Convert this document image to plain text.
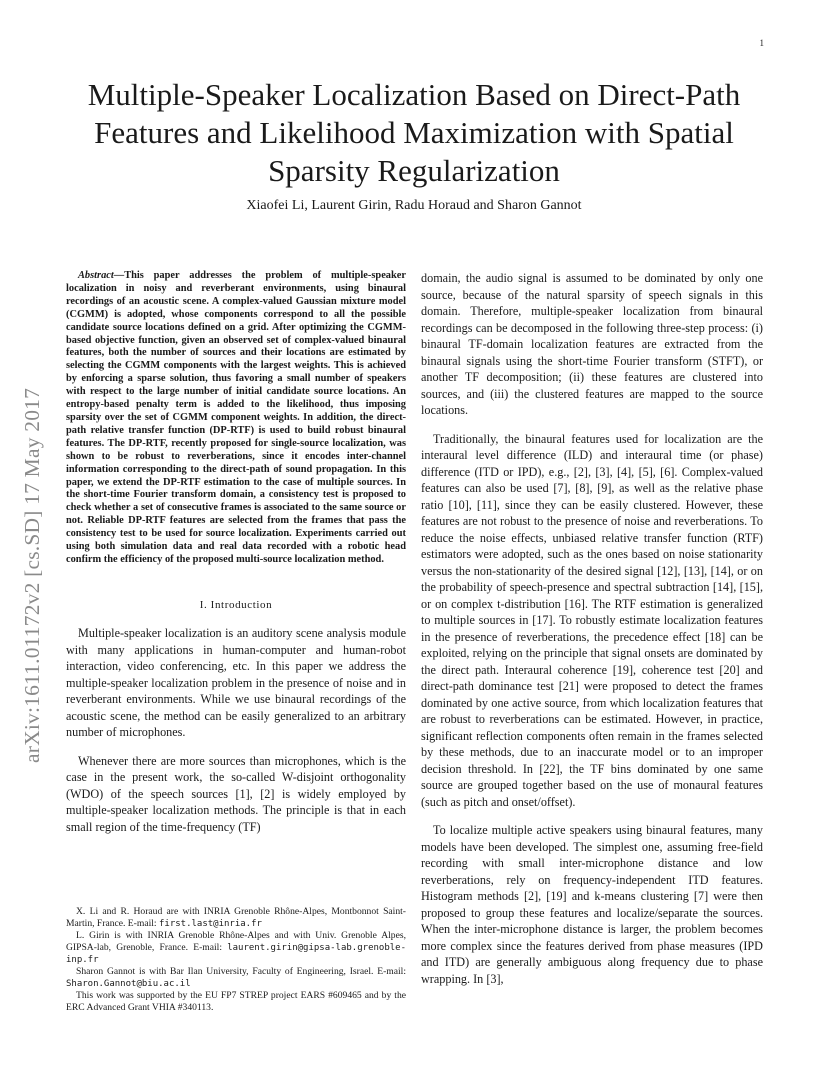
1
arXiv:1611.01172v2 [cs.SD] 17 May 2017
Multiple-Speaker Localization Based on Direct-Path Features and Likelihood Maximization with Spatial Sparsity Regularization
Xiaofei Li, Laurent Girin, Radu Horaud and Sharon Gannot

Abstract—This paper addresses the problem of multiple-speaker localization in noisy and reverberant environments, using binaural recordings of an acoustic scene. A complex-valued Gaussian mixture model (CGMM) is adopted, whose components correspond to all the possible candidate source locations defined on a grid. After optimizing the CGMM-based objective function, given an observed set of complex-valued binaural features, both the number of sources and their locations are estimated by selecting the CGMM components with the largest weights. This is achieved by enforcing a sparse solution, thus favoring a small number of speakers with respect to the large number of initial candidate source locations. An entropy-based penalty term is added to the likelihood, thus imposing sparsity over the set of CGMM component weights. In addition, the direct-path relative transfer function (DP-RTF) is used to build robust binaural features. The DP-RTF, recently proposed for single-source localization, was shown to be robust to reverberations, since it encodes inter-channel information corresponding to the direct-path of sound propagation. In this paper, we extend the DP-RTF estimation to the case of multiple sources. In the short-time Fourier transform domain, a consistency test is proposed to check whether a set of consecutive frames is associated to the same source or not. Reliable DP-RTF features are selected from the frames that pass the consistency test to be used for source localization. Experiments carried out using both simulation data and real data recorded with a robotic head confirm the efficiency of the proposed multi-source localization method.

I. Introduction

Multiple-speaker localization is an auditory scene analysis module with many applications in human-computer and human-robot interaction, video conferencing, etc. In this paper we address the multiple-speaker localization problem in the presence of noise and in reverberant environments. While we use binaural recordings of the acoustic scene, the method can be easily generalized to an arbitrary number of microphones.

Whenever there are more sources than microphones, which is the case in the present work, the so-called W-disjoint orthogonality (WDO) of the speech sources [1], [2] is widely employed by multiple-speaker localization methods. The principle is that in each small region of the time-frequency (TF)

X. Li and R. Horaud are with INRIA Grenoble Rhône-Alpes, Montbonnot Saint-Martin, France. E-mail: first.last@inria.fr

L. Girin is with INRIA Grenoble Rhône-Alpes and with Univ. Grenoble Alpes, GIPSA-lab, Grenoble, France. E-mail: laurent.girin@gipsa-lab.grenoble-inp.fr

Sharon Gannot is with Bar Ilan University, Faculty of Engineering, Israel. E-mail: Sharon.Gannot@biu.ac.il

This work was supported by the EU FP7 STREP project EARS #609465 and by the ERC Advanced Grant VHIA #340113.

domain, the audio signal is assumed to be dominated by only one source, because of the natural sparsity of speech signals in this domain. Therefore, multiple-speaker localization from binaural recordings can be decomposed in the following three-step process: (i) binaural TF-domain localization features are extracted from the binaural signals using the short-time Fourier transform (STFT), or another TF decomposition; (ii) these features are clustered into sources, and (iii) the clustered features are mapped to the source locations.

Traditionally, the binaural features used for localization are the interaural level difference (ILD) and interaural time (or phase) difference (ITD or IPD), e.g., [2], [3], [4], [5], [6]. Complex-valued features can also be used [7], [8], [9], as well as the relative phase ratio [10], [11], since they can be easily clustered. However, these features are not robust to the presence of noise and reverberations. To reduce the noise effects, unbiased relative transfer function (RTF) estimators were adopted, such as the ones based on noise stationarity versus the non-stationarity of the desired signal [12], [13], [14], or on the probability of speech-presence and spectral subtraction [14], [15], or on complex t-distribution [16]. The RTF estimation is generalized to multiple sources in [17]. To robustly estimate localization features in the presence of reverberations, the precedence effect [18] can be exploited, relying on the principle that signal onsets are dominated by the direct path. Interaural coherence [19], coherence test [20] and direct-path dominance test [21] were proposed to detect the frames dominated by one active source, from which localization features that are robust to reverberations can be estimated. However, in practice, significant reflection components often remain in the frames selected by these methods, due to an inaccurate model or to an improper decision threshold. In [22], the TF bins dominated by one same source are grouped together based on the use of monaural features (such as pitch and onset/offset).

To localize multiple active speakers using binaural features, many models have been developed. The simplest one, assuming free-field recording with small inter-microphone distance and low reverberations, rely on frequency-independent ITD features. Histogram methods [2], [19] and k-means clustering [7] were then proposed to group these features and localize/separate the sources. When the inter-microphone distance is larger, the problem becomes more complex since the features derived from phase measures (IPD and ITD) are generally ambiguous along frequency due to phase wrapping. In [3],
